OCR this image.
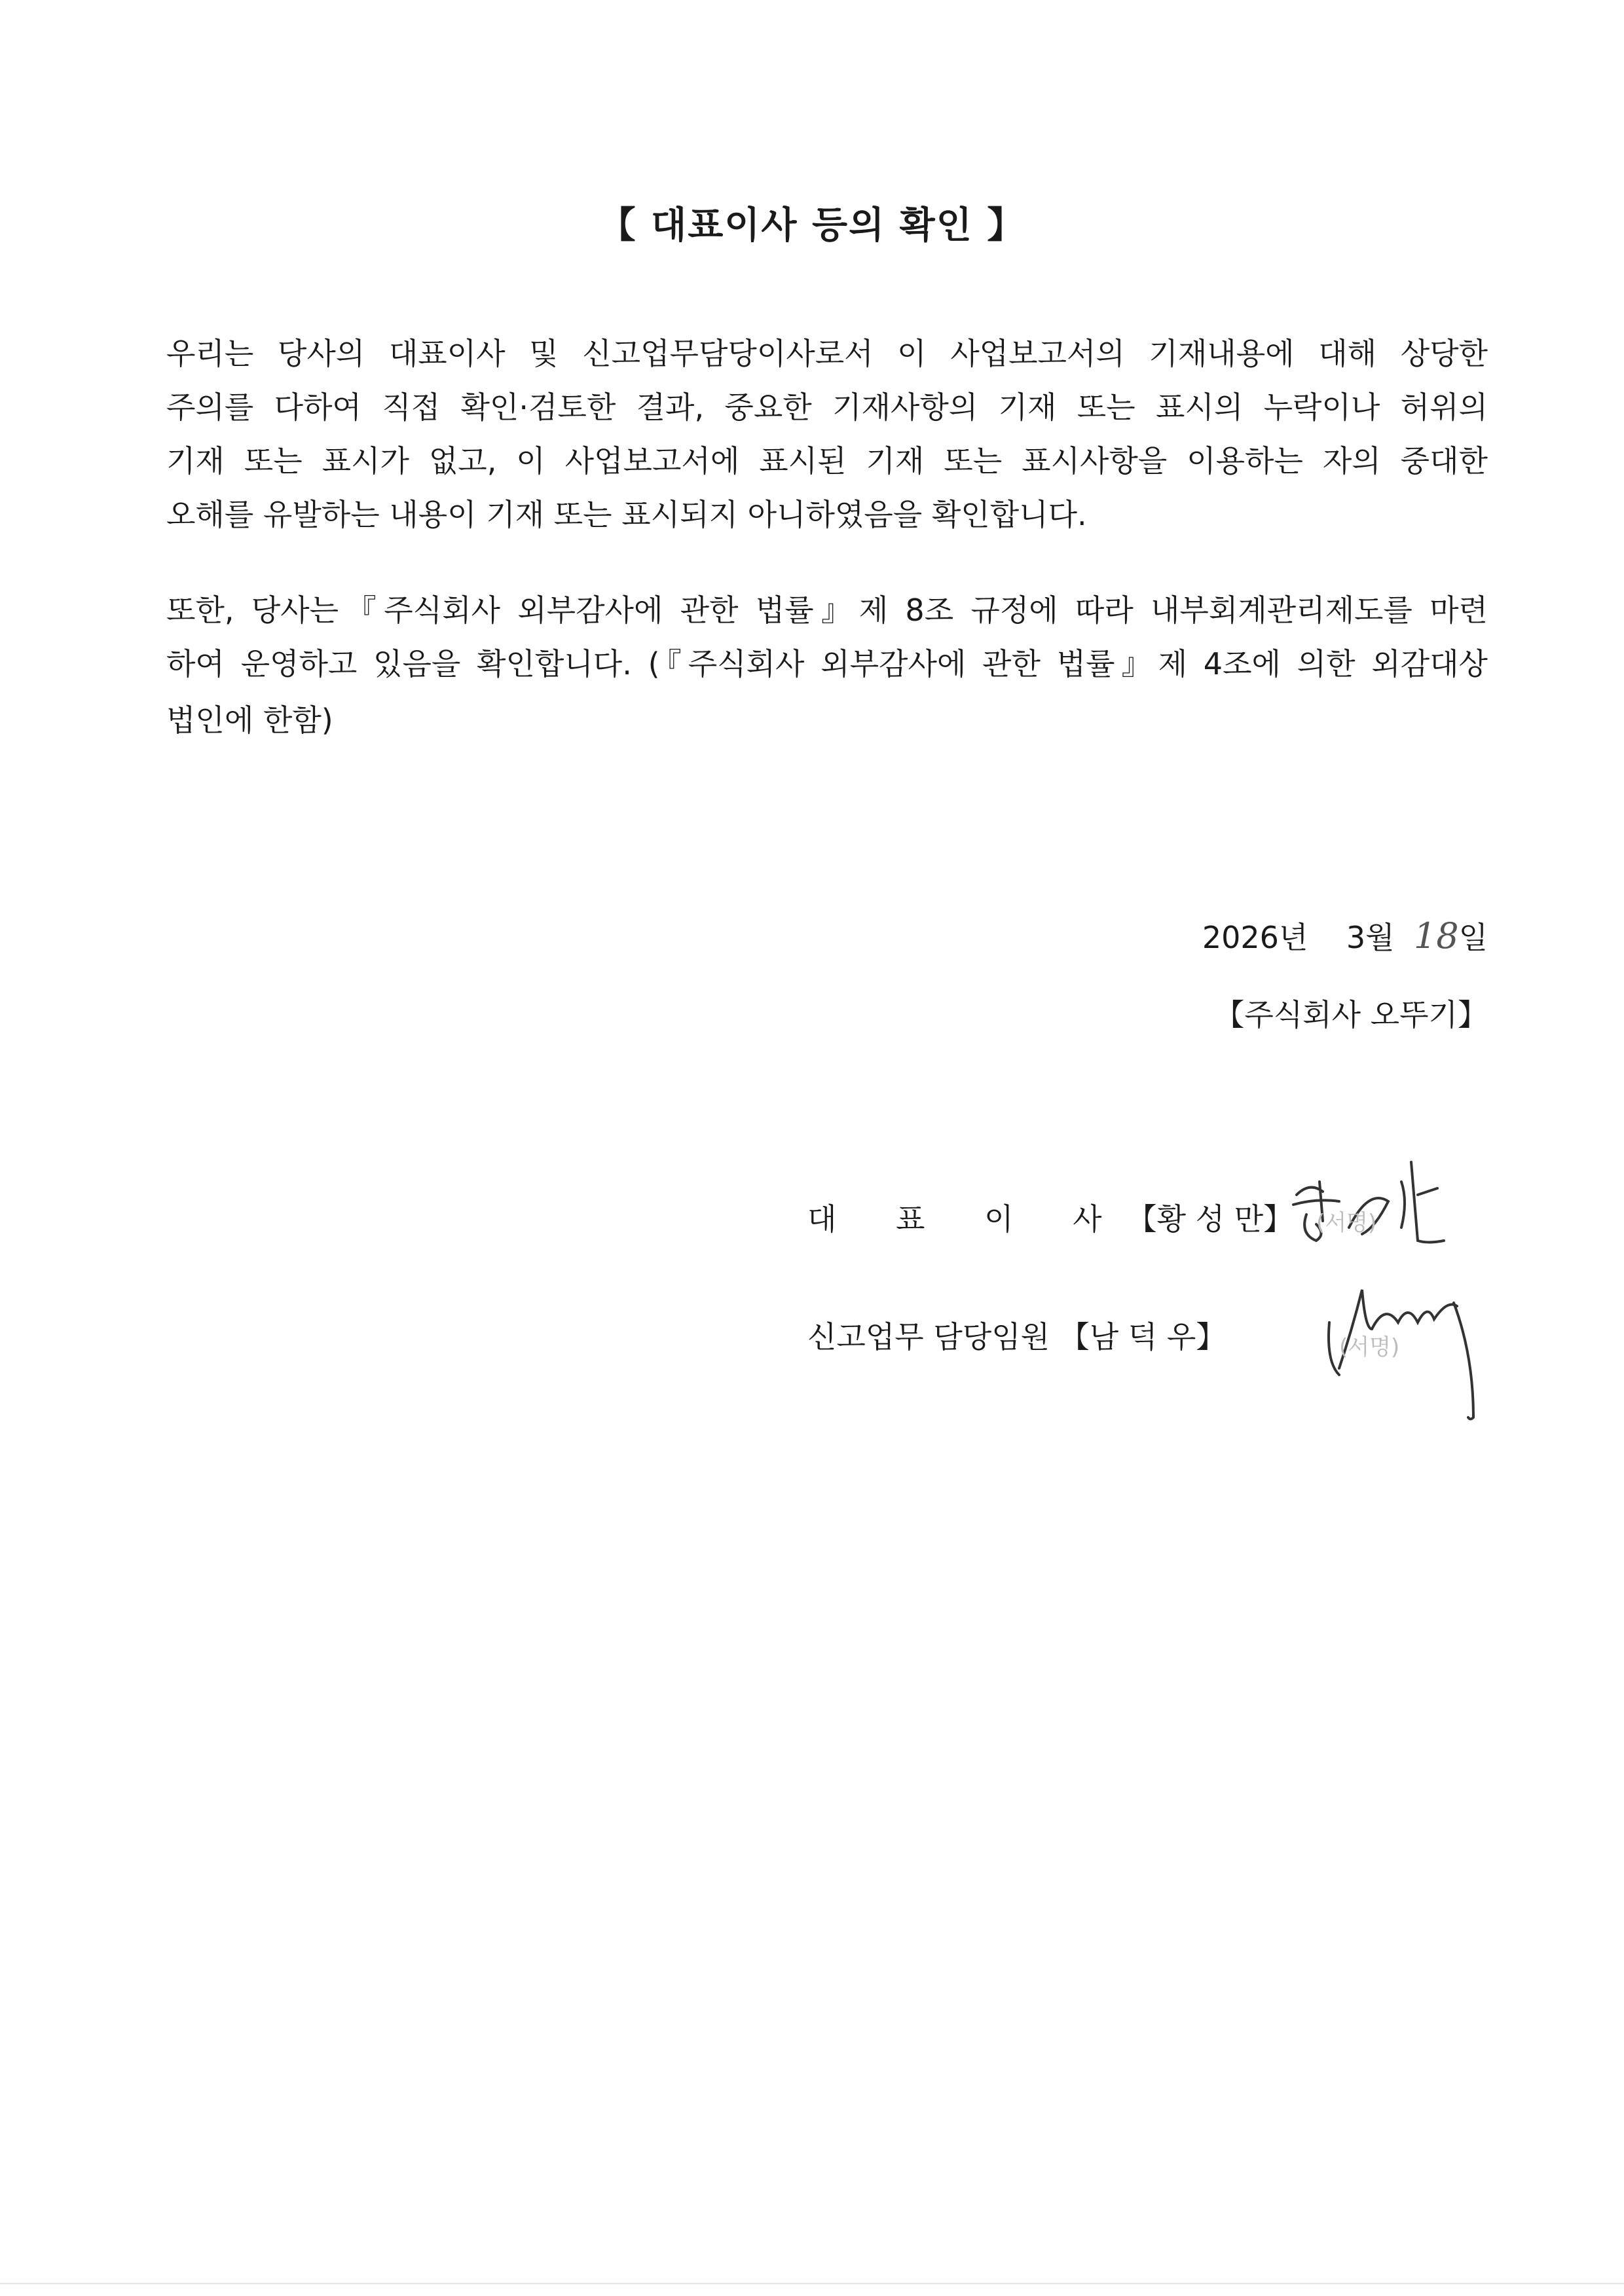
【 대표이사 등의 확인 】
우리는 당사의 대표이사 및 신고업무담당이사로서 이 사업보고서의 기재내용에 대해 상당한
주의를 다하여 직접 확인·검토한 결과, 중요한 기재사항의 기재 또는 표시의 누락이나 허위의
기재 또는 표시가 없고, 이 사업보고서에 표시된 기재 또는 표시사항을 이용하는 자의 중대한
오해를 유발하는 내용이 기재 또는 표시되지 아니하였음을 확인합니다.
또한, 당사는『주식회사 외부감사에 관한 법률』제 8조 규정에 따라 내부회계관리제도를 마련
하여 운영하고 있음을 확인합니다. (『주식회사 외부감사에 관한 법률』제 4조에 의한 외감대상
법인에 한함)
2026년 3월 18일
【주식회사 오뚜기】
대 표 이 사【황 성 만】 (서명)
신고업무 담당임원 【남 덕 우】	(서명)
